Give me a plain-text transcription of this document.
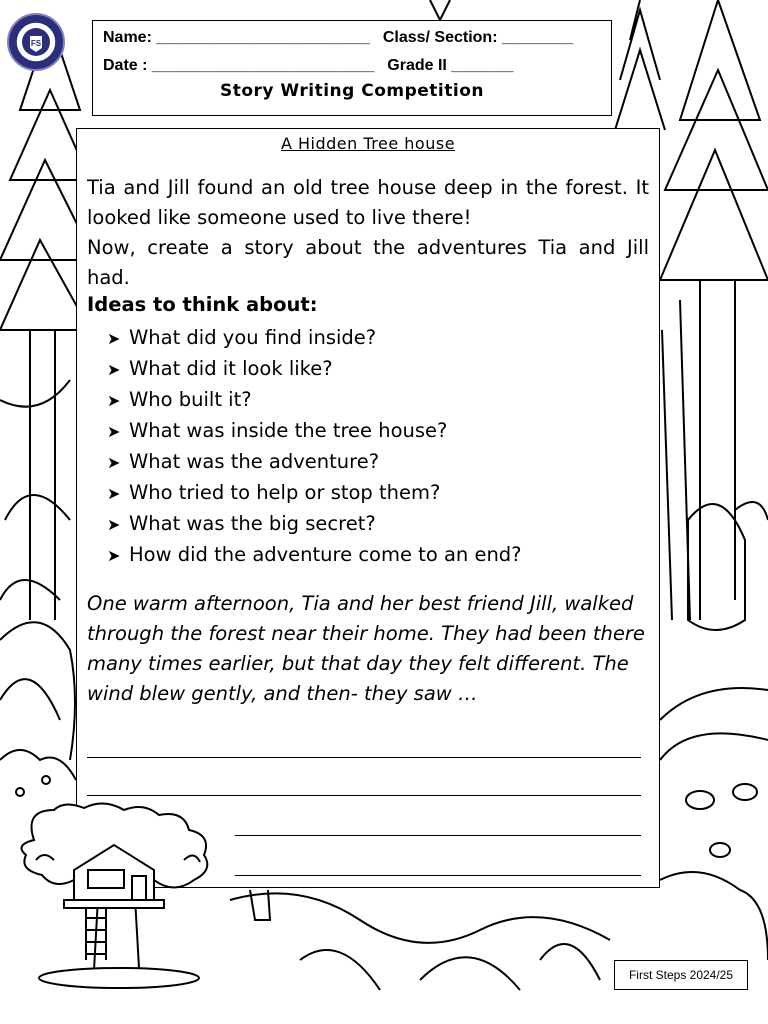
Name: ________________________ Class/ Section: ________
Date : _________________________ Grade II _______
Story Writing Competition
FS
A Hidden Tree house

Tia and Jill found an old tree house deep in the forest. It looked like someone used to live there!

Now, create a story about the adventures Tia and Jill had.

Ideas to think about:
➤ What did you find inside?
➤ What did it look like?
➤ Who built it?
➤ What was inside the tree house?
➤ What was the adventure?
➤ Who tried to help or stop them?
➤ What was the big secret?
➤ How did the adventure come to an end?
One warm afternoon, Tia and her best friend Jill, walked through the forest near their home. They had been there many times earlier, but that day they felt different. The wind blew gently, and then- they saw …
First Steps 2024/25
